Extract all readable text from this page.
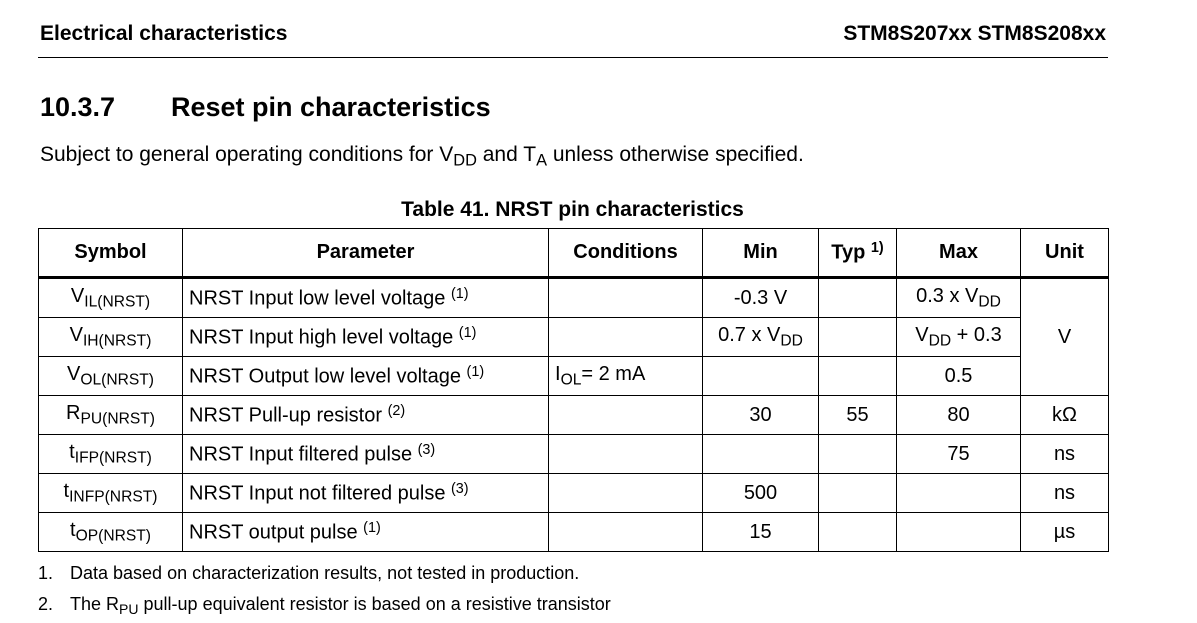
Electrical characteristics	STM8S207xx STM8S208xx
10.3.7 Reset pin characteristics
Subject to general operating conditions for $V_{DD}$ and $T_A$ unless otherwise specified.
Table 41. NRST pin characteristics
Symbol	Parameter	Conditions	Min	Typ $^{1)}$	Max	Unit
$V_{IL(NRST)}$	NRST Input low level voltage $^{(1)}$		-0.3 V		0.3 x $V_{DD}$	V
$V_{IH(NRST)}$	NRST Input high level voltage $^{(1)}$		0.7 x $V_{DD}$		$V_{DD} + 0.3$	
$V_{OL(NRST)}$	NRST Output low level voltage $^{(1)}$	$I_{OL}= 2$ mA			0.5	
$R_{PU(NRST)}$	NRST Pull-up resistor $^{(2)}$		30	55	80	kΩ
$t_{IFP(NRST)}$	NRST Input filtered pulse $^{(3)}$				75	ns
$t_{INFP(NRST)}$	NRST Input not filtered pulse $^{(3)}$		500			ns
$t_{OP(NRST)}$	NRST output pulse $^{(1)}$		15			µs
1. Data based on characterization results, not tested in production.
2. The $R_{PU}$ pull-up equivalent resistor is based on a resistive transistor
